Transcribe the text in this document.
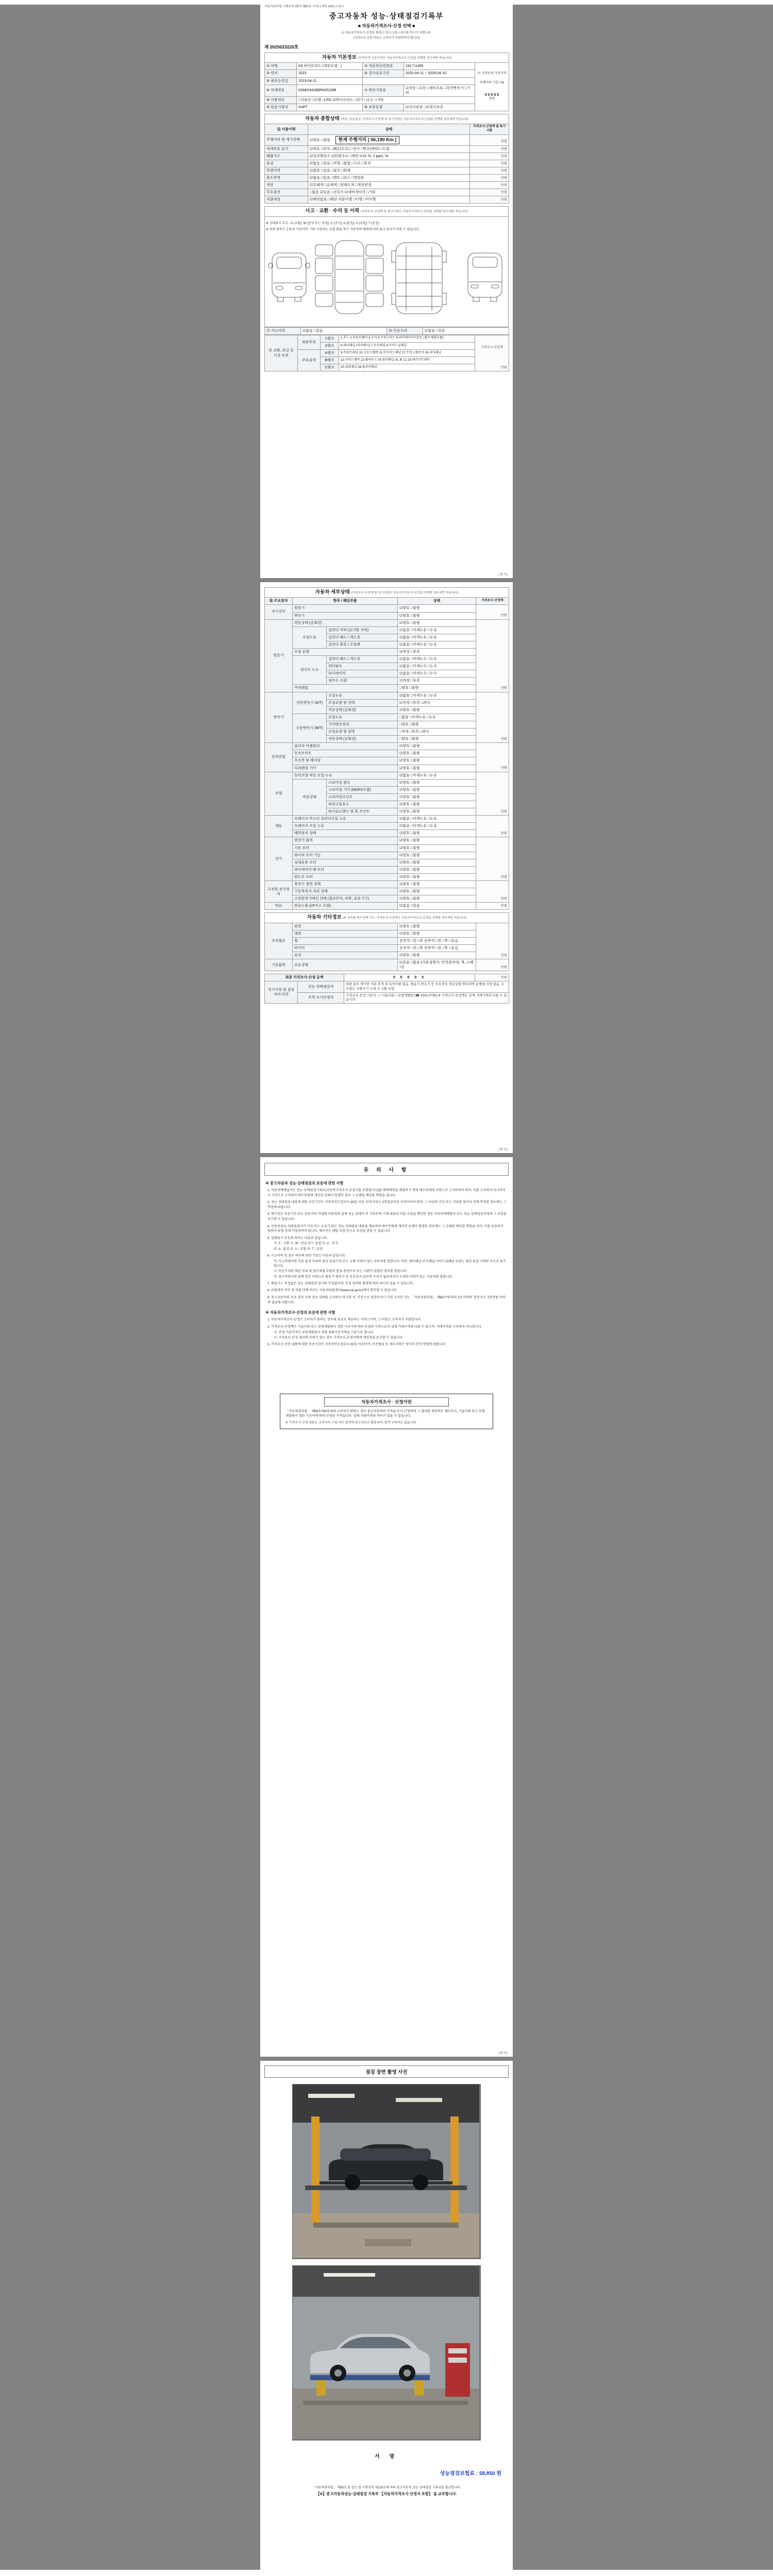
자동차관리법 시행규칙 [별지 제82호 서식] <개정 2021.7.13.>
중고자동차 성능·상태점검기록부
■ 자동차가격조사·산정 선택 ■
① 자동차가격조사·산정을 원하는 경우 [ ]에 √ 표시를 하시기 바랍니다.
(가격조사·산정 비용은 소비자가 부담하여야 합니다)
제 2025023220호
자동차 기본정보 (가격산정 기준가격은 자동차가격조사·산정을 선택한 경우에만 적습니다)				
① 차명	K8 하이브리드 (세부모델 : )	② 자동차등록번호	241기1489	⑪ 가격산정 기준가격
주행거리 기준 / ㎞
0 0 0 0 0
만원

③ 연식	2023	④ 검사유효기간	2025-04-11 ~ 2026-04-10	
⑤ 최초등록일	2023-04-11			
⑥ 차대번호	KNMG4418BPA051088	⑦ 변속기종류	☑자동 □수동 □세미오토 □무단변속기 □기타	
⑧ 사용연료	□가솔린 □디젤 □LPG ☑하이브리드 □전기 □수소 □기타			
⑨ 원동기형식	G4FT	⑩ 보증유형	☑자가보증 □보험사보증	
자동차 종합상태 (색상, 주요옵션, 가격조사·산정액 및 특기사항은 자동차가격조사·산정을 선택한 경우에만 적습니다)		
⑫ 사용이력	상태	가격조사·산정액 및 특기사항
주행거리 및 계기상태	☑양호 □불량 현재 주행거리 [ 56,190 Km ]	만원
차대번호 표기	☑양호 □부식 □훼손(오손) □상이 □변조(변타) □도말	만원
배출가스	☑일산화탄소 ☑탄화수소 □매연 0.01 %, 2 ppm, %	만원
튜닝	☑없음 □있음 □적법 □불법 □구조 □장치	만원
특별이력	☑없음 □있음 □침수 □화재	만원
용도변경	☑없음 □있음 □렌트 □리스 □영업용	만원
색상	☑무채색 □유채색 □전체도색 □색상변경	만원
주요옵션	□없음 ☑있음 □선루프 ☑네비게이션 □기타	만원
리콜대상	☑해당없음 □해당 리콜이행 □이행 □미이행	만원
사고 · 교환 · 수리 등 이력 (가격조사·산정액 및 특기사항은 자동차가격조사·산정을 선택한 경우에만 적습니다)
※ 상태표시 부호 : X (교환), W (판금 또는 용접), C (부식), A (흠집), U (요철), T (손상)
※ 하단 항목은 승용차 기준이며, 기타 자동차는 승합·화물·특수 자동차의 형태에 따라 표시 위치가 다를 수 있습니다.
⑬ 사고이력	☑없음 □있음	⑭ 단순수리	☑없음 □있음
⑮ 교환, 판금 등 이상 부위	외판부위	1랭크	1.후드 2.프론트펜더 3.도어 4.트렁크리드 5.라디에이터서포트 (볼트체결부품)	가격조사·산정액
만원

		2랭크	6.쿼터패널 (리어펜더) 7.루프패널 8.사이드실패널	
	주요골격	A랭크	9.프론트패널 10.크로스멤버 11.인사이드패널 17.트렁크플로어 18.리어패널	
		B랭크	12.사이드멤버 13.휠하우스 14.필러패널 (A, B, C) 19.패키지트레이	
		C랭크	15.대쉬패널 16.플로어패널	
(계 속)
자동차 세부상태 (가격조사·산정액 및 특기사항은 자동차가격조사·산정을 선택한 경우에만 적습니다)				
⑯ 주요장치	항목 / 해당부품		상태	가격조사·산정액
자기진단	원동기		☑양호 □불량	만원
	변속기		☑양호 □불량	
원동기	작동상태 (공회전)		☑양호 □불량	만원
	오일누유	실린더 커버 (로커암 커버)	☑없음 □미세누유 □누유	
		실린더 헤드 / 개스킷	☑없음 □미세누유 □누유	
		실린더 블록 / 오일팬	☑없음 □미세누유 □누유	
	오일 유량		☑적정 □부족	
	냉각수 누수	실린더 헤드 / 개스킷	☑없음 □미세누수 □누수	
		워터펌프	☑없음 □미세누수 □누수	
		라디에이터	☑없음 □미세누수 □누수	
		냉각수 수량	☑적정 □부족	
	커먼레일		□양호 □불량	
변속기	자동변속기 (A/T)	오일누유	☑없음 □미세누유 □누유	만원
		오일유량 및 상태	☑적정 □부족 □과다	
		작동상태 (공회전)	☑양호 □불량	
	수동변속기 (M/T)	오일누유	□없음 □미세누유 □누유	
		기어변속장치	□양호 □불량	
		오일유량 및 상태	□적정 □부족 □과다	
		작동상태 (공회전)	□양호 □불량	
동력전달	클러치 어셈블리		☑양호 □불량	만원
	등속조인트		☑양호 □불량	
	추진축 및 베어링		☑양호 □불량	
	디퍼렌셜 기어		☑양호 □불량	
조향	동력조향 작동 오일 누유		☑없음 □미세누유 □누유	만원
	작동상태	스티어링 펌프	☑양호 □불량	
		스티어링 기어 (MDPS포함)	☑양호 □불량	
		스티어링조인트	☑양호 □불량	
		파워고압호스	☑양호 □불량	
		타이로드엔드 및 볼 조인트	☑양호 □불량	
제동	브레이크 마스터 실린더오일 누유		☑없음 □미세누유 □누유	만원
	브레이크 오일 누유		☑없음 □미세누유 □누유	
	배력장치 상태		☑양호 □불량	
전기	발전기 출력		☑양호 □불량	만원
	시동 모터		☑양호 □불량	
	와이퍼 모터 기능		☑양호 □불량	
	실내송풍 모터		☑양호 □불량	
	라디에이터 팬 모터		☑양호 □불량	
	윈도우 모터		☑양호 □불량	
고전원 전기장치	충전구 절연 상태		☑양호 □불량	만원
	구동축전지 격리 상태		☑양호 □불량	
	고전원전기배선 상태 (접속단자, 피복, 보호기구)		☑양호 □불량	
연료	연료누출 (LP가스 포함)		☑없음 □있음	만원
자동차 기타정보 (※ 장착물 복수선택 가능, 가격조사·산정액은 자동차가격조사·산정을 선택한 경우에만 적습니다)			
수리필요	외장	☑양호 □불량	만원
	내장	☑양호 □불량	
	휠	운전석 □전 □후 동반석 □전 □후 □응급	
	타이어	운전석 □전 □후 동반석 □전 □후 □응급	
	유리	☑양호 □불량	
기본품목	보유상태	☑있음 □없음 (사용설명서, 안전삼각대, 잭, 스패너)	만원
최종 가격조사·산정 금액		0 0 0 0 0	만원
특기사항 및 점검자의 의견	성능·상태점검자	외판 일부 경미한 사용 흔적 외 특이사항 없음. 원동기·변속기 등 주요장치 작동상태 양호하며 운행에 지장 없음. 소모품은 교환주기 도래 시 교환 요망.	
	가격·조사산정자	가격조사·산정 기준서 : □ 기술사회 □ 보험개발원 (☎ 1533-2730) ※ 가격조사·산정액은 실제 거래가격과 다를 수 있습니다.	
(계 속)
유 의 사 항
※ 중고자동차 성능·상태점검의 보증에 관한 사항
1. 자동차매매업자는 성능·상태점검기록부(자동차가격조사·산정서를 포함합니다)를 매매계약을 체결하기 전에 매수인에게 서면으로 고지하여야 하며, 이를 고지하지 아니하거나 거짓으로 고지하여 매수인에게 재산상 손해가 발생한 경우 그 손해를 배상할 책임을 집니다.
2. 성능·상태점검 내용에 대한 보증기간은 자동차인도일부터 30일 이상, 보증거리는 2천킬로미터 이상이어야 하며, 그 이상의 기간 또는 거리를 당사자 간에 약정한 경우에는 그 약정에 따릅니다.
3. 매수인은 보증기간 또는 보증거리 이내에 자동차의 실제 성능·상태가 이 기록부의 기재 내용과 다른 사실을 확인한 경우 자동차매매업자 또는 성능·상태점검자에게 그 보증을 요구할 수 있습니다.
4. 자동차성능·상태점검자가 거짓 또는 오류가 있는 성능·상태점검 내용을 제공하여 매수인에게 재산상 손해가 발생한 경우에는 그 손해를 배상할 책임을 지며, 이를 보증하기 위하여 보험 등에 가입하여야 합니다. 매수인은 해당 보험 등으로 보상을 받을 수 있습니다.
5. 상태표시 부호의 의미는 다음과 같습니다.
가. X : 교환 나. W : 판금 또는 용접 다. C : 부식
라. A : 흠집 마. U : 요철 바. T : 손상
6. 사고이력 및 침수 여부의 판단 기준은 다음과 같습니다.
가. 사고차량이란 주요 골격 부위의 판금·용접수리 또는 교환 이력이 있는 자동차를 말합니다. 다만, 쿼터패널·루프패널·사이드실패널 부위는 절단·용접 시에만 사고로 표기합니다.
나. 단순수리란 외판 부위 및 볼트체결 부품의 판금·용접수리 또는 교환이 있었던 경우를 말합니다.
다. 침수차량이란 물에 잠긴 이력으로 원동기·변속기 등 주요장치 일부의 수리가 필요하거나 수리한 이력이 있는 자동차를 말합니다.
7. 배출가스 측정값은 성능·상태점검 당시의 측정값이며, 측정 장비와 환경에 따라 차이가 있을 수 있습니다.
8. 리콜대상 여부 및 리콜 이행 여부는 자동차리콜센터(www.car.go.kr)에서 확인할 수 있습니다.
9. 중고자동차의 구조·장치 등의 성능·상태를 고지하지 아니한 자, 거짓으로 점검하거나 거짓 고지한 자는 「자동차관리법」 제80조에 따라 2년 이하의 징역 또는 2천만원 이하의 벌금에 처합니다.
※ 자동차가격조사·산정의 보증에 관한 사항
1. 자동차가격조사·산정은 소비자가 원하는 경우에 유료로 제공되는 서비스이며, 그 비용은 소비자가 부담합니다.
2. 가격조사·산정액은 기술사회 또는 보험개발원이 정한 기준서에 따라 산정한 가격으로서 실제 거래가격과 다를 수 있으며, 거래가격을 구속하지 아니합니다.
가. 산정 기준가격은 보험개발원이 정한 차량기준가액을 기준으로 합니다.
나. 가격조사·산정 결과에 이의가 있는 경우 가격조사·산정자에게 재산정을 요구할 수 있습니다.
3. 가격조사·산정 내용에 대한 보증기간은 자동차인도일부터 30일 이상이며, 보증범위 등 세부사항은 당사자 간의 약정에 따릅니다.
자동차가격조사 · 산정이란
「자동차관리법」 제58조의4에 따라 소비자가 원하는 경우 중고자동차의 가격을 조사·산정하여 그 결과를 제공하는 제도로서, 기술사회 또는 보험개발원이 정한 기준서에 따라 산정된 가격입니다. 실제 거래가격과 차이가 있을 수 있습니다.
※ 가격조사·산정 내용은 소비자의 구입 여부 결정에 참고자료로 활용되며, 법적 구속력은 없습니다.
(계 속)
점검 장면 촬영 사진
서 명
성능점검보험료 : 58,850 원
「자동차관리법」 제58조 및 같은 법 시행규칙 제120조에 따라 중고자동차 성능·상태점검 기록부를 발급합니다.
【Ⅴ】중고자동차성능·상태점검 기록부 【자동차가격조사·산정서 포함】 을 교부합니다.
